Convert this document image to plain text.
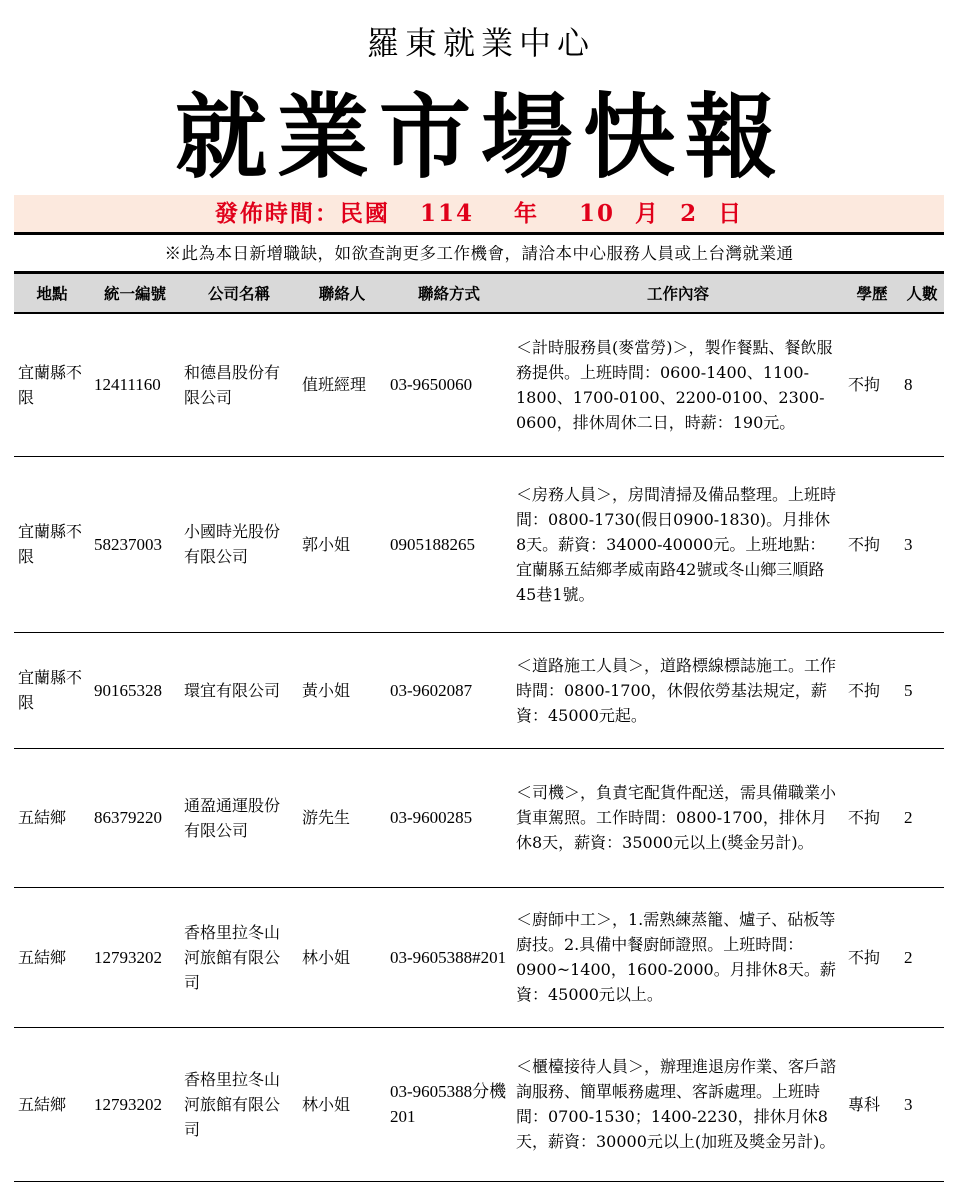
羅東就業中心
就業市場快報
發佈時間：民國 114 年 10 月 2 日
※此為本日新增職缺，如欲查詢更多工作機會，請洽本中心服務人員或上台灣就業通
地點	統一編號	公司名稱	聯絡人	聯絡方式	工作內容	學歷	人數
宜蘭縣不限	12411160	和德昌股份有限公司	值班經理	03-9650060	＜計時服務員(麥當勞)＞，製作餐點、餐飲服務提供。上班時間：0600-1400、1100-1800、1700-0100、2200-0100、2300-0600，排休周休二日，時薪：190元。	不拘	8
宜蘭縣不限	58237003	小國時光股份有限公司	郭小姐	0905188265	＜房務人員＞，房間清掃及備品整理。上班時間：0800-1730(假日0900-1830)。月排休8天。薪資：34000-40000元。上班地點：宜蘭縣五結鄉孝威南路42號或冬山鄉三順路45巷1號。	不拘	3
宜蘭縣不限	90165328	環宜有限公司	黃小姐	03-9602087	＜道路施工人員＞，道路標線標誌施工。工作時間：0800-1700，休假依勞基法規定，薪資：45000元起。	不拘	5
五結鄉	86379220	通盈通運股份有限公司	游先生	03-9600285	＜司機＞，負責宅配貨件配送，需具備職業小貨車駕照。工作時間：0800-1700，排休月休8天，薪資：35000元以上(獎金另計)。	不拘	2
五結鄉	12793202	香格里拉冬山河旅館有限公司	林小姐	03-9605388#201	＜廚師中工＞，1.需熟練蒸籠、爐子、砧板等廚技。2.具備中餐廚師證照。上班時間：0900~1400，1600-2000。月排休8天。薪資：45000元以上。	不拘	2
五結鄉	12793202	香格里拉冬山河旅館有限公司	林小姐	03-9605388分機201	＜櫃檯接待人員＞，辦理進退房作業、客戶諮詢服務、簡單帳務處理、客訴處理。上班時間：0700-1530；1400-2230，排休月休8天，薪資：30000元以上(加班及獎金另計)。	專科	3
